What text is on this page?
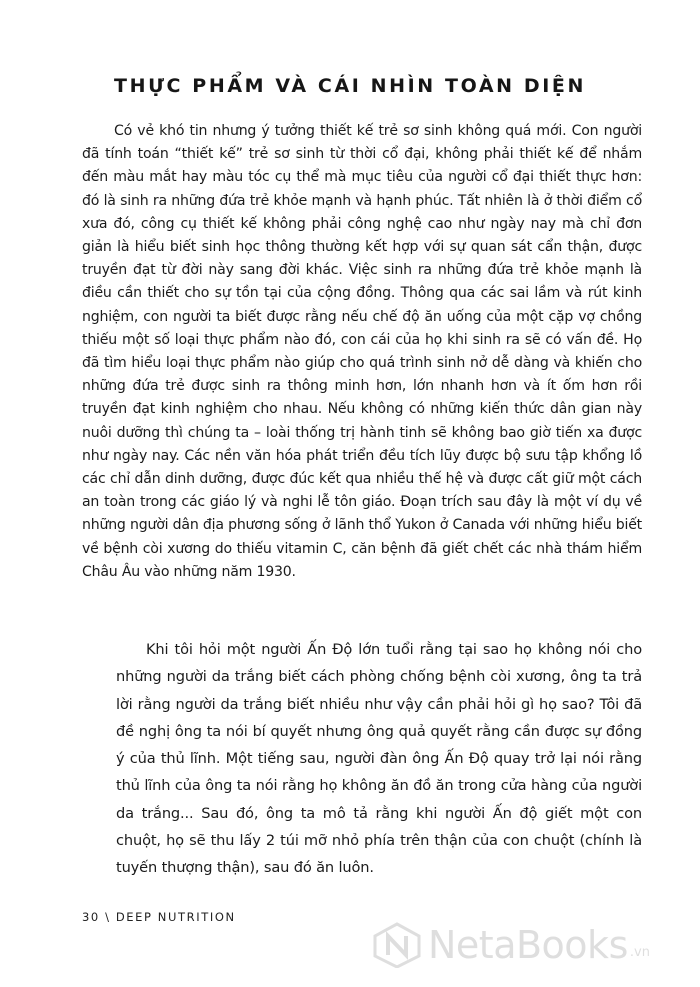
THỰC PHẨM VÀ CÁI NHÌN TOÀN DIỆN

Có vẻ khó tin nhưng ý tưởng thiết kế trẻ sơ sinh không quá mới. Con người đã tính toán “thiết kế” trẻ sơ sinh từ thời cổ đại, không phải thiết kế để nhắm đến màu mắt hay màu tóc cụ thể mà mục tiêu của người cổ đại thiết thực hơn: đó là sinh ra những đứa trẻ khỏe mạnh và hạnh phúc. Tất nhiên là ở thời điểm cổ xưa đó, công cụ thiết kế không phải công nghệ cao như ngày nay mà chỉ đơn giản là hiểu biết sinh học thông thường kết hợp với sự quan sát cẩn thận, được truyền đạt từ đời này sang đời khác. Việc sinh ra những đứa trẻ khỏe mạnh là điều cần thiết cho sự tồn tại của cộng đồng. Thông qua các sai lầm và rút kinh nghiệm, con người ta biết được rằng nếu chế độ ăn uống của một cặp vợ chồng thiếu một số loại thực phẩm nào đó, con cái của họ khi sinh ra sẽ có vấn đề. Họ đã tìm hiểu loại thực phẩm nào giúp cho quá trình sinh nở dễ dàng và khiến cho những đứa trẻ được sinh ra thông minh hơn, lớn nhanh hơn và ít ốm hơn rồi truyền đạt kinh nghiệm cho nhau. Nếu không có những kiến thức dân gian này nuôi dưỡng thì chúng ta – loài thống trị hành tinh sẽ không bao giờ tiến xa được như ngày nay. Các nền văn hóa phát triển đều tích lũy được bộ sưu tập khổng lồ các chỉ dẫn dinh dưỡng, được đúc kết qua nhiều thế hệ và được cất giữ một cách an toàn trong các giáo lý và nghi lễ tôn giáo. Đoạn trích sau đây là một ví dụ về những người dân địa phương sống ở lãnh thổ Yukon ở Canada với những hiểu biết về bệnh còi xương do thiếu vitamin C, căn bệnh đã giết chết các nhà thám hiểm Châu Âu vào những năm 1930.

Khi tôi hỏi một người Ấn Độ lớn tuổi rằng tại sao họ không nói cho những người da trắng biết cách phòng chống bệnh còi xương, ông ta trả lời rằng người da trắng biết nhiều như vậy cần phải hỏi gì họ sao? Tôi đã đề nghị ông ta nói bí quyết nhưng ông quả quyết rằng cần được sự đồng ý của thủ lĩnh. Một tiếng sau, người đàn ông Ấn Độ quay trở lại nói rằng thủ lĩnh của ông ta nói rằng họ không ăn đồ ăn trong cửa hàng của người da trắng... Sau đó, ông ta mô tả rằng khi người Ấn độ giết một con chuột, họ sẽ thu lấy 2 túi mỡ nhỏ phía trên thận của con chuột (chính là tuyến thượng thận), sau đó ăn luôn.

30 \ DEEP NUTRITION
NetaBooks .vn
